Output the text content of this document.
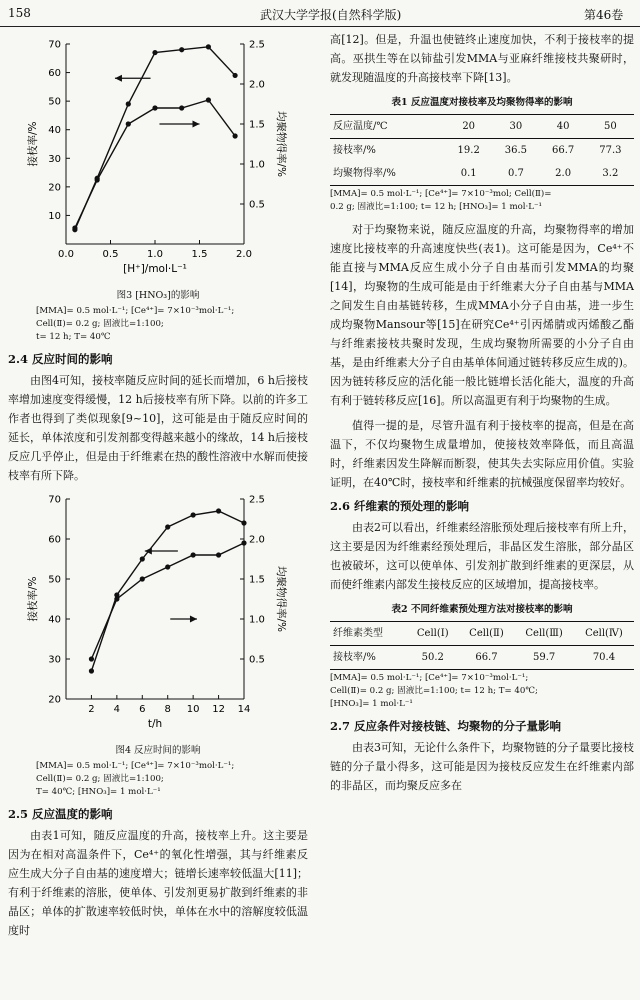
158	武汉大学学报(自然科学版)	第46卷
0.0	0.5	1.0	1.5	2.0
10
20
30
40
50
60
70
0.5
1.0
1.5
2.0
2.5
接枝率/%	均聚物得率/%
[H⁺]/mol·L⁻¹

图3 [HNO₃]的影响

[MMA]= 0.5 mol·L⁻¹; [Ce⁴⁺]= 7×10⁻³mol·L⁻¹;
Cell(Ⅱ)= 0.2 g; 固液比=1:100;
t= 12 h; T= 40℃
2.4 反应时间的影响

由图4可知，接枝率随反应时间的延长而增加，6 h后接枝率增加速度变得缓慢，12 h后接枝率有所下降。以前的许多工作者也得到了类似现象[9~10]，这可能是由于随反应时间的延长，单体浓度和引发剂都变得越来越小的缘故，14 h后接枝反应几乎停止，但是由于纤维素在热的酸性溶液中水解而使接枝率有所下降。

2 4 6 8 10 12 14
20
30
40
50
60
70
0.5
1.0
1.5
2.0
2.5
接枝率/%	均聚物得率/%
t/h

图4 反应时间的影响

[MMA]= 0.5 mol·L⁻¹; [Ce⁴⁺]= 7×10⁻³mol·L⁻¹;
Cell(Ⅱ)= 0.2 g; 固液比=1:100;
T= 40℃; [HNO₃]= 1 mol·L⁻¹
2.5 反应温度的影响

由表1可知，随反应温度的升高，接枝率上升。这主要是因为在相对高温条件下，Ce⁴⁺的氧化性增强，其与纤维素反应生成大分子自由基的速度增大；链增长速率较低温大[11]；有利于纤维素的溶胀，使单体、引发剂更易扩散到纤维素的非晶区；单体的扩散速率较低时快，单体在水中的溶解度较低温度时

高[12]。但是，升温也使链终止速度加快，不利于接枝率的提高。巫拱生等在以铈盐引发MMA与亚麻纤维接枝共聚研时，就发现随温度的升高接枝率下降[13]。

表1 反应温度对接枝率及均聚物得率的影响
反应温度/℃	20	30	40	50
接枝率/%	19.2	36.5	66.7	77.3
均聚物得率/%	0.1	0.7	2.0	3.2
[MMA]= 0.5 mol·L⁻¹; [Ce⁴⁺]= 7×10⁻³mol; Cell(Ⅱ)=
0.2 g; 固液比=1:100; t= 12 h; [HNO₃]= 1 mol·L⁻¹

对于均聚物来说，随反应温度的升高，均聚物得率的增加速度比接枝率的升高速度快些(表1)。这可能是因为，Ce⁴⁺不能直接与MMA反应生成小分子自由基而引发MMA的均聚[14]，均聚物的生成可能是由于纤维素大分子自由基与MMA之间发生自由基链转移，生成MMA小分子自由基，进一步生成均聚物Mansour等[15]在研究Ce⁴⁺引丙烯腈或丙烯酸乙酯与纤维素接枝共聚时发现，生成均聚物所需要的小分子自由基，是由纤维素大分子自由基单体间通过链转移反应生成的)。因为链转移反应的活化能一般比链增长活化能大，温度的升高有利于链转移反应[16]。所以高温更有利于均聚物的生成。

值得一提的是，尽管升温有利于接枝率的提高，但是在高温下，不仅均聚物生成量增加，使接枝效率降低，而且高温时，纤维素因发生降解而断裂，使其失去实际应用价值。实验证明，在40℃时，接枝率和纤维素的抗械强度保留率均较好。

2.6 纤维素的预处理的影响

由表2可以看出，纤维素经溶胀预处理后接枝率有所上升，这主要是因为纤维素经预处理后，非晶区发生溶胀，部分晶区也被破坏，这可以使单体、引发剂扩散到纤维素的更深层，从而使纤维素内部发生接枝反应的区域增加，提高接枝率。

表2 不同纤维素预处理方法对接枝率的影响
纤维素类型	Cell(Ⅰ)	Cell(Ⅱ)	Cell(Ⅲ)	Cell(Ⅳ)
接枝率/%	50.2	66.7	59.7	70.4
[MMA]= 0.5 mol·L⁻¹; [Ce⁴⁺]= 7×10⁻³mol·L⁻¹;
Cell(Ⅱ)= 0.2 g; 固液比=1:100; t= 12 h; T= 40℃;
[HNO₃]= 1 mol·L⁻¹
2.7 反应条件对接枝链、均聚物的分子量影响

由表3可知，无论什么条件下，均聚物链的分子量要比接枝链的分子量小得多，这可能是因为接枝反应发生在纤维素内部的非晶区，而均聚反应多在
